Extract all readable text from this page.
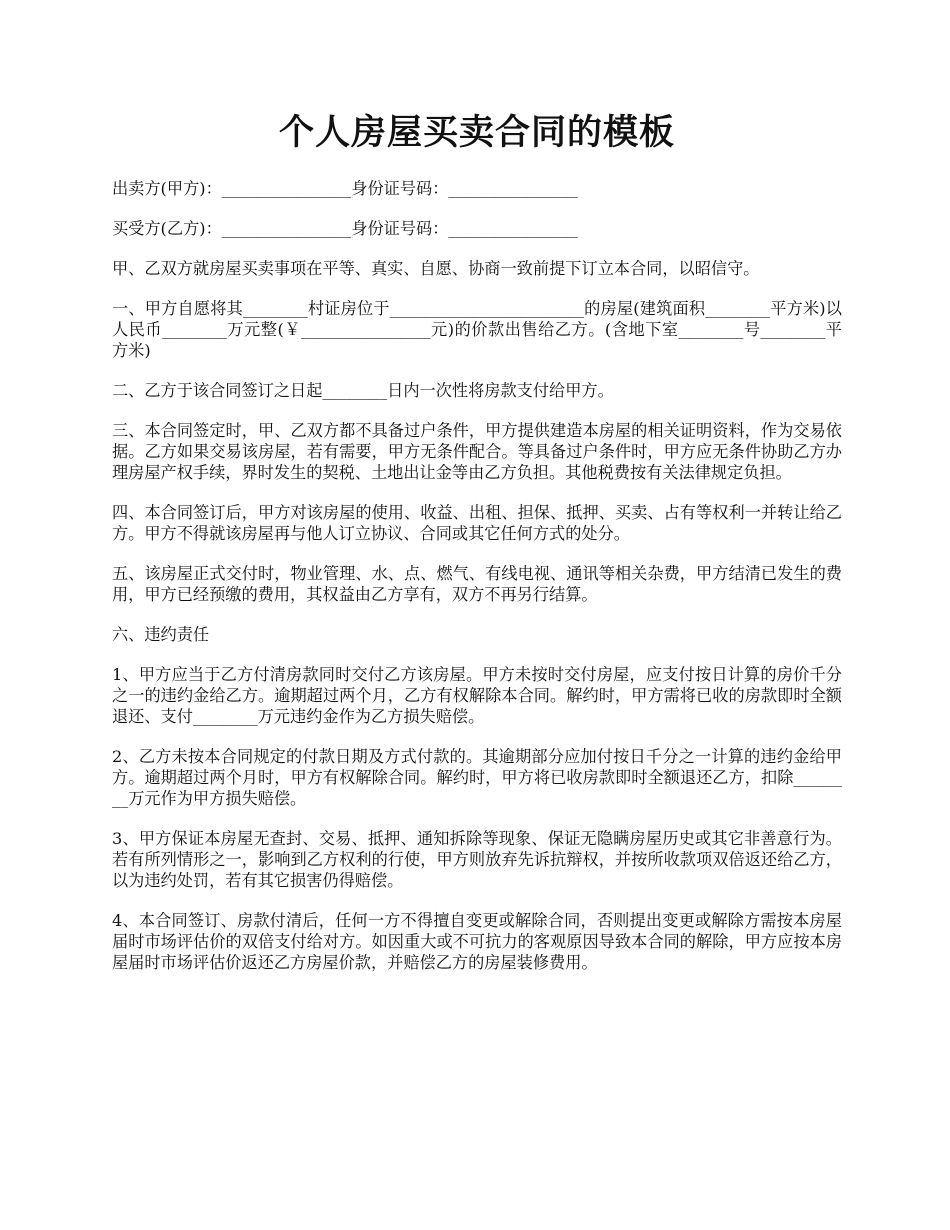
个人房屋买卖合同的模板

出卖方(甲方)：________________身份证号码：________________

买受方(乙方)：________________身份证号码：________________

甲、乙双方就房屋买卖事项在平等、真实、自愿、协商一致前提下订立本合同，以昭信守。

一、甲方自愿将其________村证房位于________________________的房屋(建筑面积________平方米)以人民币________万元整(￥________________元)的价款出售给乙方。(含地下室________号________平方米)

二、乙方于该合同签订之日起________日内一次性将房款支付给甲方。

三、本合同签定时，甲、乙双方都不具备过户条件，甲方提供建造本房屋的相关证明资料，作为交易依据。乙方如果交易该房屋，若有需要，甲方无条件配合。等具备过户条件时，甲方应无条件协助乙方办理房屋产权手续，界时发生的契税、土地出让金等由乙方负担。其他税费按有关法律规定负担。

四、本合同签订后，甲方对该房屋的使用、收益、出租、担保、抵押、买卖、占有等权利一并转让给乙方。甲方不得就该房屋再与他人订立协议、合同或其它任何方式的处分。

五、该房屋正式交付时，物业管理、水、点、燃气、有线电视、通讯等相关杂费，甲方结清已发生的费用，甲方已经预缴的费用，其权益由乙方享有，双方不再另行结算。

六、违约责任

1、甲方应当于乙方付清房款同时交付乙方该房屋。甲方未按时交付房屋，应支付按日计算的房价千分之一的违约金给乙方。逾期超过两个月，乙方有权解除本合同。解约时，甲方需将已收的房款即时全额退还、支付________万元违约金作为乙方损失赔偿。

2、乙方未按本合同规定的付款日期及方式付款的。其逾期部分应加付按日千分之一计算的违约金给甲方。逾期超过两个月时，甲方有权解除合同。解约时，甲方将已收房款即时全额退还乙方，扣除________万元作为甲方损失赔偿。

3、甲方保证本房屋无查封、交易、抵押、通知拆除等现象、保证无隐瞒房屋历史或其它非善意行为。若有所列情形之一，影响到乙方权利的行使，甲方则放弃先诉抗辩权，并按所收款项双倍返还给乙方，以为违约处罚，若有其它损害仍得赔偿。

4、本合同签订、房款付清后，任何一方不得擅自变更或解除合同，否则提出变更或解除方需按本房屋届时市场评估价的双倍支付给对方。如因重大或不可抗力的客观原因导致本合同的解除，甲方应按本房屋届时市场评估价返还乙方房屋价款，并赔偿乙方的房屋装修费用。
